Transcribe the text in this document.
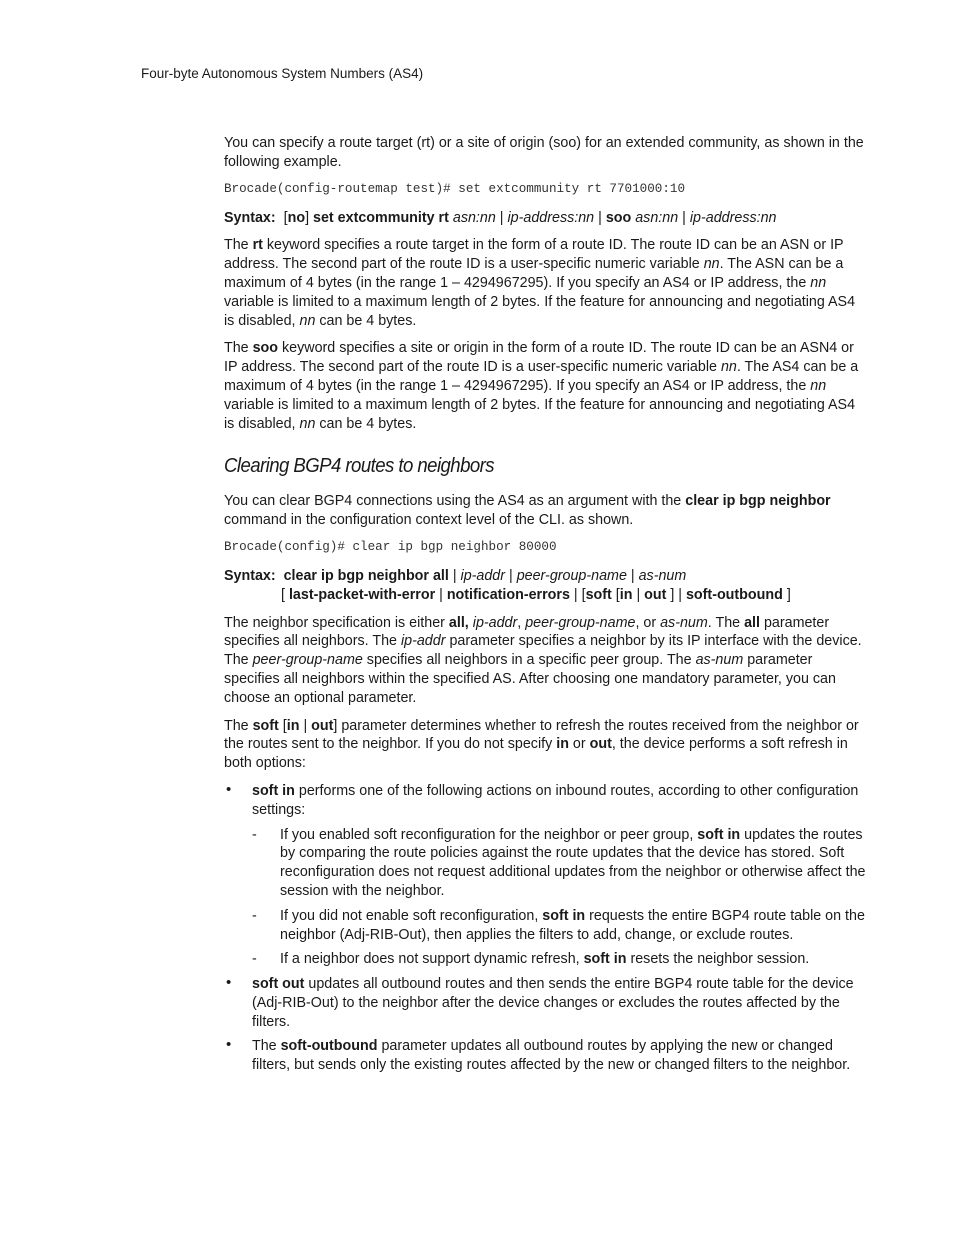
Four-byte Autonomous System Numbers (AS4)

You can specify a route target (rt) or a site of origin (soo) for an extended community, as shown in the following example.

Brocade(config-routemap test)# set extcommunity rt 7701000:10

Syntax: [no] set extcommunity rt asn:nn | ip-address:nn | soo asn:nn | ip-address:nn

The rt keyword specifies a route target in the form of a route ID. The route ID can be an ASN or IP address. The second part of the route ID is a user-specific numeric variable nn. The ASN can be a maximum of 4 bytes (in the range 1 – 4294967295). If you specify an AS4 or IP address, the nn variable is limited to a maximum length of 2 bytes. If the feature for announcing and negotiating AS4 is disabled, nn can be 4 bytes.

The soo keyword specifies a site or origin in the form of a route ID. The route ID can be an ASN4 or IP address. The second part of the route ID is a user-specific numeric variable nn. The AS4 can be a maximum of 4 bytes (in the range 1 – 4294967295). If you specify an AS4 or IP address, the nn variable is limited to a maximum length of 2 bytes. If the feature for announcing and negotiating AS4 is disabled, nn can be 4 bytes.

Clearing BGP4 routes to neighbors

You can clear BGP4 connections using the AS4 as an argument with the clear ip bgp neighbor command in the configuration context level of the CLI. as shown.

Brocade(config)# clear ip bgp neighbor 80000

Syntax: clear ip bgp neighbor all | ip-addr | peer-group-name | as-num
[ last-packet-with-error | notification-errors | [soft [in | out ] | soft-outbound ]

The neighbor specification is either all, ip-addr, peer-group-name, or as-num. The all parameter specifies all neighbors. The ip-addr parameter specifies a neighbor by its IP interface with the device. The peer-group-name specifies all neighbors in a specific peer group. The as-num parameter specifies all neighbors within the specified AS. After choosing one mandatory parameter, you can choose an optional parameter.

The soft [in | out] parameter determines whether to refresh the routes received from the neighbor or the routes sent to the neighbor. If you do not specify in or out, the device performs a soft refresh in both options:

• soft in performs one of the following actions on inbound routes, according to other configuration settings:
- If you enabled soft reconfiguration for the neighbor or peer group, soft in updates the routes by comparing the route policies against the route updates that the device has stored. Soft reconfiguration does not request additional updates from the neighbor or otherwise affect the session with the neighbor.
- If you did not enable soft reconfiguration, soft in requests the entire BGP4 route table on the neighbor (Adj-RIB-Out), then applies the filters to add, change, or exclude routes.
- If a neighbor does not support dynamic refresh, soft in resets the neighbor session.
• soft out updates all outbound routes and then sends the entire BGP4 route table for the device (Adj-RIB-Out) to the neighbor after the device changes or excludes the routes affected by the filters.
• The soft-outbound parameter updates all outbound routes by applying the new or changed filters, but sends only the existing routes affected by the new or changed filters to the neighbor.
